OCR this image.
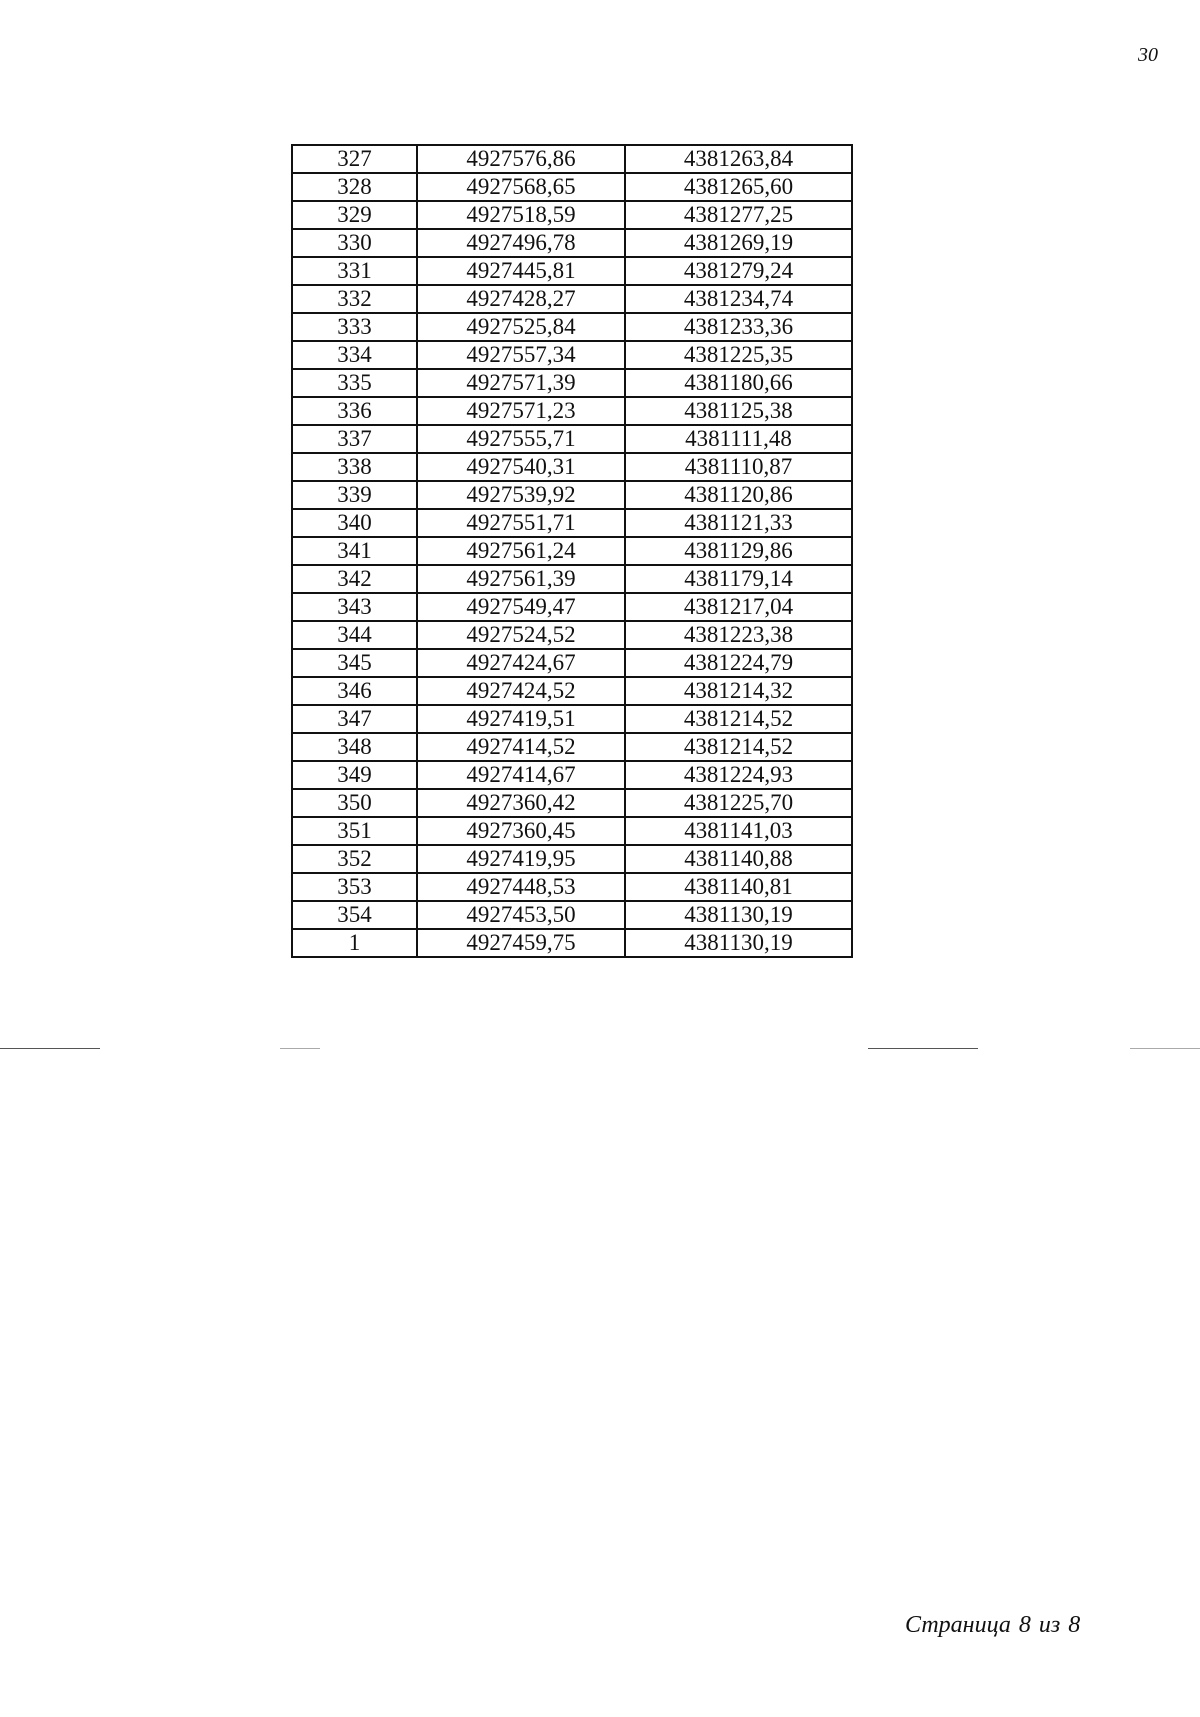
30
327	4927576,86	4381263,84
328	4927568,65	4381265,60
329	4927518,59	4381277,25
330	4927496,78	4381269,19
331	4927445,81	4381279,24
332	4927428,27	4381234,74
333	4927525,84	4381233,36
334	4927557,34	4381225,35
335	4927571,39	4381180,66
336	4927571,23	4381125,38
337	4927555,71	4381111,48
338	4927540,31	4381110,87
339	4927539,92	4381120,86
340	4927551,71	4381121,33
341	4927561,24	4381129,86
342	4927561,39	4381179,14
343	4927549,47	4381217,04
344	4927524,52	4381223,38
345	4927424,67	4381224,79
346	4927424,52	4381214,32
347	4927419,51	4381214,52
348	4927414,52	4381214,52
349	4927414,67	4381224,93
350	4927360,42	4381225,70
351	4927360,45	4381141,03
352	4927419,95	4381140,88
353	4927448,53	4381140,81
354	4927453,50	4381130,19
1	4927459,75	4381130,19
Страница 8 из 8
